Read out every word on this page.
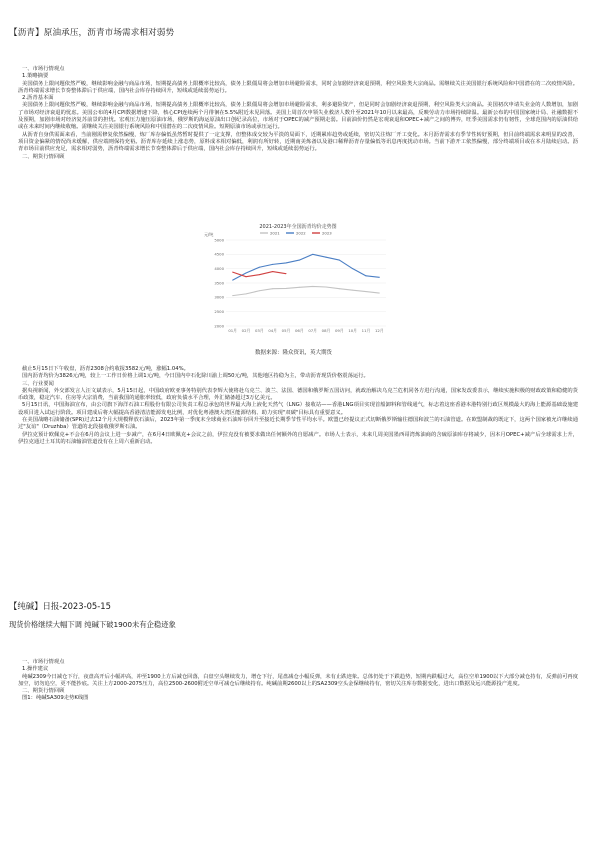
【沥青】原油承压，沥青市场需求相对弱势

一、市场行情观点

1.策略摘要

美国债务上限问题依然严峻，继续影响金融与商品市场，短期提高债务上限概率比较高，债务上限僵局将会增加市场避险需求，同时会加剧经济衰退预期，利空风险类大宗商品。需继续关注美国银行系统风险和中国潜在的二次疫情风险。沥青终端需求增长节奏整体滞后于供应端，国内社会库存持续回升，短线或延续弱势运行。

2.沥青基本面

美国债务上限问题依然严峻，继续影响金融与商品市场，短期提高债务上限概率比较高，债务上限僵局将会增加市场避险需求，利多避险资产，但是同时会加剧经济衰退预期，利空风险类大宗商品。美国初次申请失业金的人数增加，加剧了市场对经济衰退的忧虑。美国公布的4月CPI数据增速下降，核心CPI连续两个月徘徊在5.5%附近未见回落。美国上周首次申领失业救济人数升至2021年10月以来最高，反映劳动力市场持续降温。最新公布的中国国家统计局、社融数据不及预期，加剧市场对经济复苏前景的担忧。宏观压力施压原油市场，俄罗斯的海运原油出口创纪录高位，市场对于OPEC的减产预期走弱。目前油价仍然是宏观衰退和OPEC+减产之间的博弈，旺季美国需求仍有韧性，全球范围内的原油供给或在未来时间内继续收缩。需继续关注美国银行系统风险和中国潜在的二次疫情风险。短期原油市场或承压运行。

从沥青自身供需面来看，当前刚需修复依然偏慢，炼厂库存偏低虽然暂时提供了一定支撑，但整体成交较为平淡的局面下，近期累库趋势或延续，密切关注炼厂开工变化。本月沥青需求有季节性转好预期，但目前终端需求来明显的改善，项目资金偏紧的情况尚未缓解，供应端则保持充裕。沥青库存延续上涨态势，原料成本相对偏低，利润有所好转，近期南美炼备以及港口稀释沥青存量偏低等讯息再度扰动市场。当前下游开工依然偏慢，部分终端项目或在本月陆续启动。沥青市场目前供应充足，需求相对弱势，沥青终端需求增长节奏整体滞后于供应端，国内社会库存持续回升，短线或延续弱势运行。

二、期货行情回顾

2021-2023年全国沥青均价走势图
2021	2022	2023
元/吨
5000
4500
4000
3500
3000
2500
2000
01月 02月 03月 04月 05月 06月 07月 08月 09月 10月 11月 12月
数据来源：隆众资讯，英大期货

截止5月15日下午收盘，沥青2308合约收报3582元/吨，涨幅1.04%。

国内沥青均价为3826元/吨，较上一工作日价格上调1元/吨，今日国内中石化除川渝上调50元/吨，其他地区持稳为主，带动沥青现货价格震荡运行。

三、行业要闻

据央视新闻，外交部发言人汪文斌表示，5月15日起，中国政府欧亚事务特别代表李辉大使将赴乌克兰、波兰、法国、德国和俄罗斯五国访问，就政治解决乌克兰危机同各方进行沟通，国家发改委表示，继续实施积极的财政政策和稳健的货币政策，稳定汽车、住房等大宗消费，当前我国的通胀率较低，政府负债水平合理，外汇储备超过3万亿美元。

5月15日讯，中国海油宣布，由公司旗下海洋石油工程股份有限公司负责工程总承包的世界最大海上液化天然气（LNG）接收站——香港LNG项目实现首船卸料和管线通气，标志着这座香港本港特别行政区规模最大的海上能源基础设施建设项目进入试运行阶段。项目建成后将大幅提高香港清洁能源发电比例，对优化粤港澳大湾区能源结构、助力实现"双碳"目标具有重要意义。

在美国战略石油储备(SPR)过去12个月大规模释放石油后，2023年第一季度末全球商业石油库存回升至接近长期季节性平均水平。欧盟已经提议正式切断俄罗斯输往德国和波兰的石油管道。在欧盟制裁的既定下，这两个国家被允许继续通过"友谊"（Druzhba）管道的北段接收俄罗斯石油。

伊拉克预计欧佩克+不会在6月的会议上进一步减产，在6月4日欧佩克+会议之前，伊拉克没有被要求做出任何额外的自愿减产。市场人士表示，未来几周美国墨西哥湾炼油商的含硫原油库存将减少，因本月OPEC+减产后全球需求上升，伊拉克通过土耳其的石油输油管道没有在上周六重新启动。

【纯碱】日报-2023-05-15
现货价格继续大幅下调 纯碱下破1900未有企稳迹象

一、市场行情观点

1.操作建议

纯碱2309今日减仓下行，夜盘高开后小幅冲高，冲至1900上方后减仓回落，白盘空头继续发力，增仓下行，尾盘减仓小幅反弹，未有止跌迹象。总体仍处于下跌趋势，短期内跌幅过大，高位空单1900以下大部分减仓持有，反弹前可再度加空，切勿追空，更不能抄底。关注上方2000-2075压力，高位2500-2600附近空单可减仓后继续持有。纯碱前期2600以上的SA2309空头金保继续持有，密切关注库存数据变化，进出口数据及远兴能源投产进度。

二、期货行情回顾

图1：纯碱SA309走势K线图
